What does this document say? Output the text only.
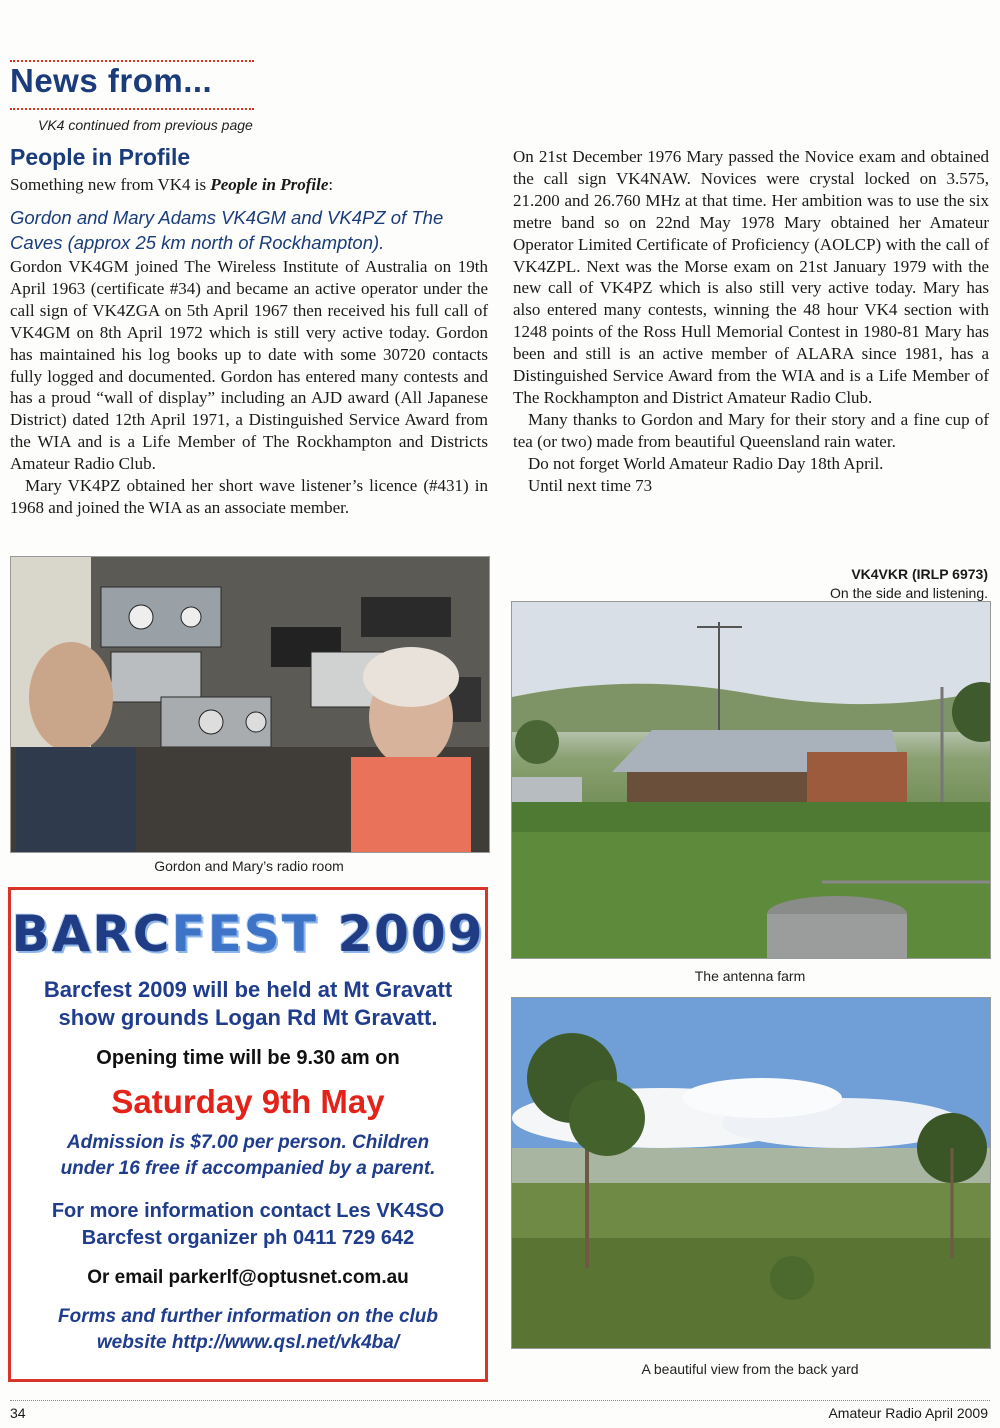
News from...
VK4 continued from previous page
People in Profile
Something new from VK4 is People in Profile:
Gordon and Mary Adams VK4GM and VK4PZ of The Caves (approx 25 km north of Rockhampton).

Gordon VK4GM joined The Wireless Institute of Australia on 19th April 1963 (certificate #34) and became an active operator under the call sign of VK4ZGA on 5th April 1967 then received his full call of VK4GM on 8th April 1972 which is still very active today. Gordon has maintained his log books up to date with some 30720 contacts fully logged and documented. Gordon has entered many contests and has a proud “wall of display” including an AJD award (All Japanese District) dated 12th April 1971, a Distinguished Service Award from the WIA and is a Life Member of The Rockhampton and Districts Amateur Radio Club.

Mary VK4PZ obtained her short wave listener’s licence (#431) in 1968 and joined the WIA as an associate member.

On 21st December 1976 Mary passed the Novice exam and obtained the call sign VK4NAW. Novices were crystal locked on 3.575, 21.200 and 26.760 MHz at that time. Her ambition was to use the six metre band so on 22nd May 1978 Mary obtained her Amateur Operator Limited Certificate of Proficiency (AOLCP) with the call of VK4ZPL. Next was the Morse exam on 21st January 1979 with the new call of VK4PZ which is also still very active today. Mary has also entered many contests, winning the 48 hour VK4 section with 1248 points of the Ross Hull Memorial Contest in 1980-81 Mary has been and still is an active member of ALARA since 1981, has a Distinguished Service Award from the WIA and is a Life Member of The Rockhampton and District Amateur Radio Club.

Many thanks to Gordon and Mary for their story and a fine cup of tea (or two) made from beautiful Queensland rain water.

Do not forget World Amateur Radio Day 18th April.

Until next time 73

VK4VKR (IRLP 6973)
On the side and listening.
Gordon and Mary’s radio room
BARCFEST 2009
Barcfest 2009 will be held at Mt Gravatt
show grounds Logan Rd Mt Gravatt.
Opening time will be 9.30 am on
Saturday 9th May
Admission is $7.00 per person. Children
under 16 free if accompanied by a parent.
For more information contact Les VK4SO
Barcfest organizer ph 0411 729 642
Or email parkerlf@optusnet.com.au
Forms and further information on the club
website http://www.qsl.net/vk4ba/
The antenna farm
A beautiful view from the back yard
34	Amateur Radio April 2009
